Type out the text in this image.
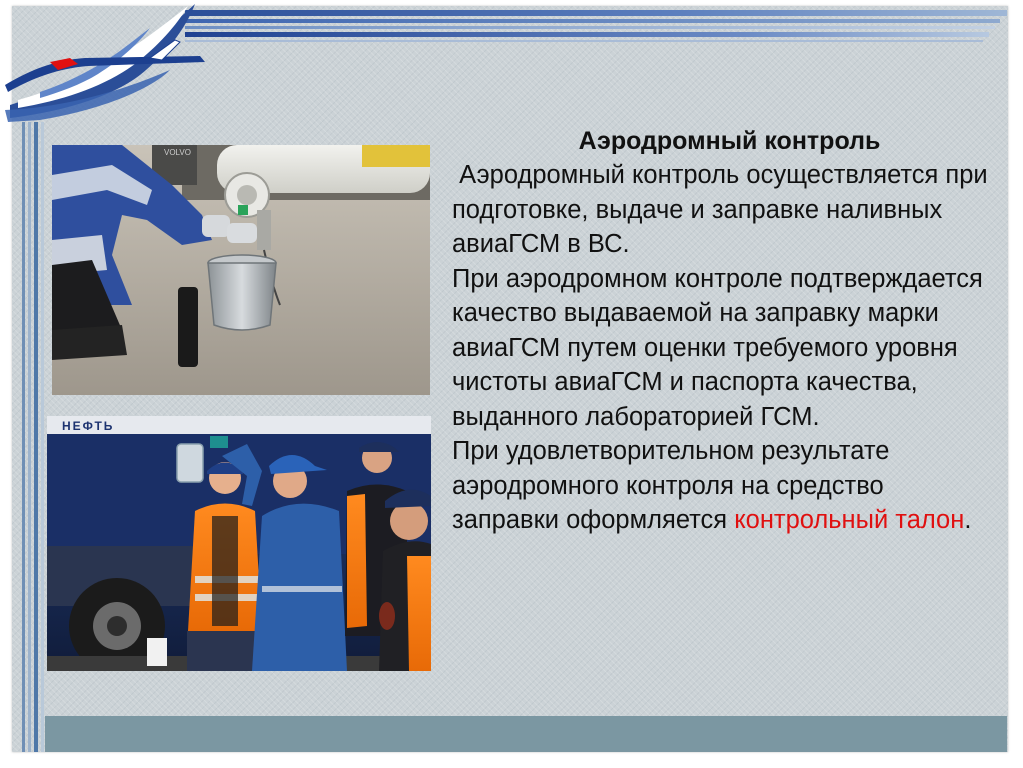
VOLVO
НЕФТЬ

Аэродромный контроль

Аэродромный контроль осуществляется при подготовке, выдаче и заправке наливных авиаГСМ в ВС.

При аэродромном контроле подтверждается качество выдаваемой на заправку марки авиаГСМ путем оценки требуемого уровня чистоты авиаГСМ и паспорта качества, выданного лабораторией ГСМ.

При удовлетворительном результате аэродромного контроля на средство заправки оформляется контрольный талон.
